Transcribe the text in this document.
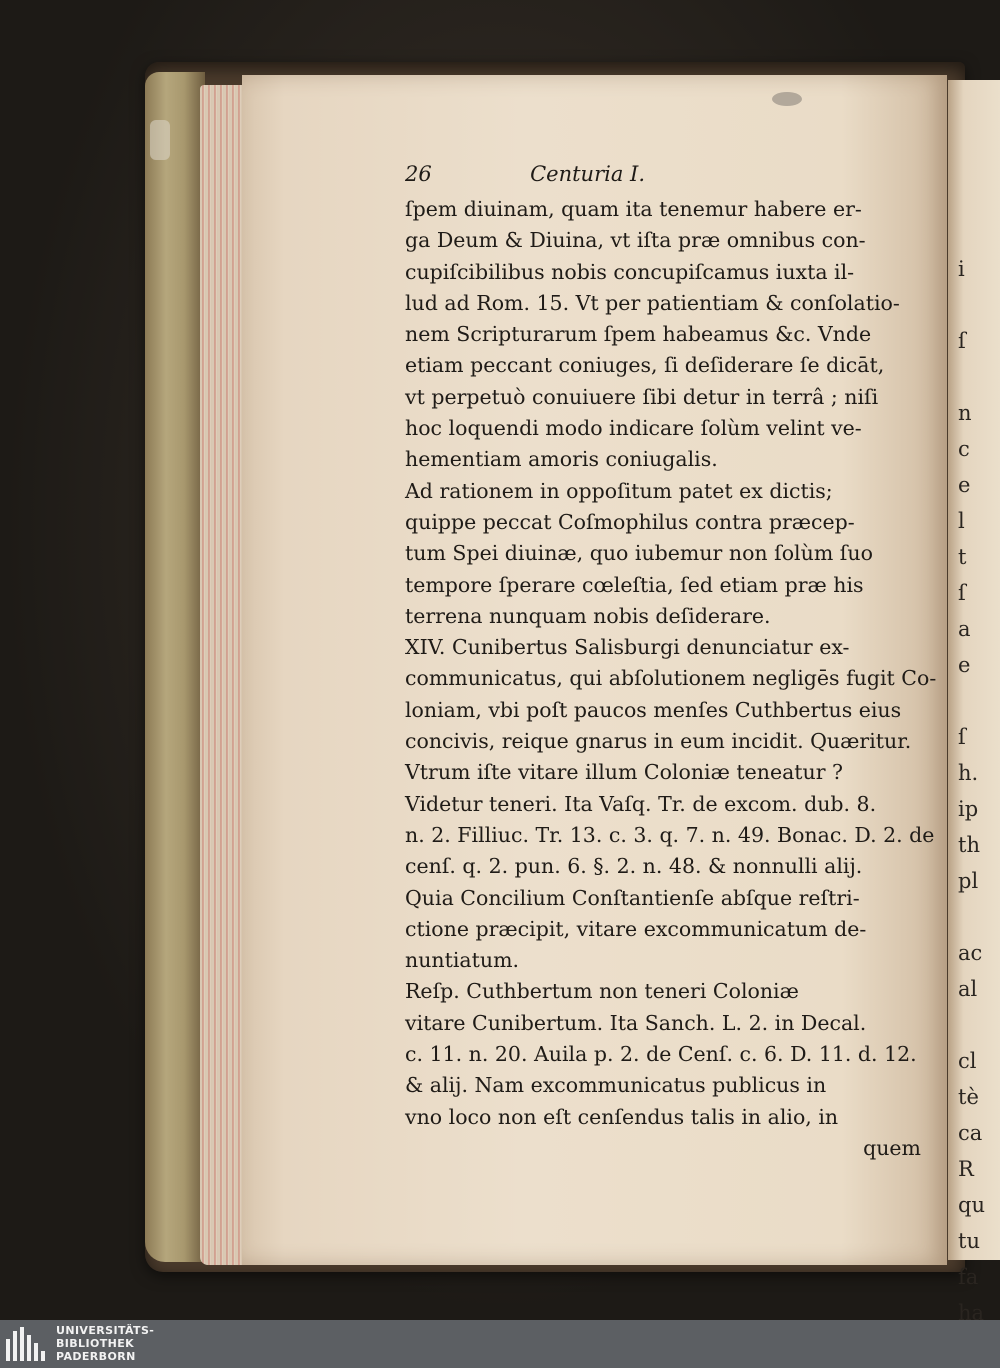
i
ſ
n
c
e
l
t
ſ
a
e
ſ
h.
ip
th
pl
ac
al
cl
tè
ca
R
qu
tu
fa
ha
26	Centuria I.
ſpem diuinam, quam ita tenemur habere er-
ga Deum & Diuina, vt iſta præ omnibus con-
cupiſcibilibus nobis concupiſcamus iuxta il-
lud ad Rom. 15. Vt per patientiam & conſolatio-
nem Scripturarum ſpem habeamus &c. Vnde
etiam peccant coniuges, ſi deſiderare ſe dicāt,
vt perpetuò conuiuere ſibi detur in terrâ ; niſi
hoc loquendi modo indicare ſolùm velint ve-
hementiam amoris coniugalis.
Ad rationem in oppoſitum patet ex dictis;
quippe peccat Coſmophilus contra præcep-
tum Spei diuinæ, quo iubemur non ſolùm ſuo
tempore ſperare cœleſtia, ſed etiam præ his
terrena nunquam nobis deſiderare.
XIV. Cunibertus Salisburgi denunciatur ex-
communicatus, qui abſolutionem negligēs fugit Co-
loniam, vbi poſt paucos menſes Cuthbertus eius
concivis, reique gnarus in eum incidit. Quæritur.
Vtrum iſte vitare illum Coloniæ teneatur ?
Videtur teneri. Ita Vaſq. Tr. de excom. dub. 8.
n. 2. Filliuc. Tr. 13. c. 3. q. 7. n. 49. Bonac. D. 2. de
cenſ. q. 2. pun. 6. §. 2. n. 48. & nonnulli alij.
Quia Concilium Conſtantienſe abſque reſtri-
ctione præcipit, vitare excommunicatum de-
nuntiatum.
Reſp. Cuthbertum non teneri Coloniæ
vitare Cunibertum. Ita Sanch. L. 2. in Decal.
c. 11. n. 20. Auila p. 2. de Cenſ. c. 6. D. 11. d. 12.
& alij. Nam excommunicatus publicus in
vno loco non eſt cenſendus talis in alio, in
quem
UNIVERSITÄTS-
BIBLIOTHEK
PADERBORN
